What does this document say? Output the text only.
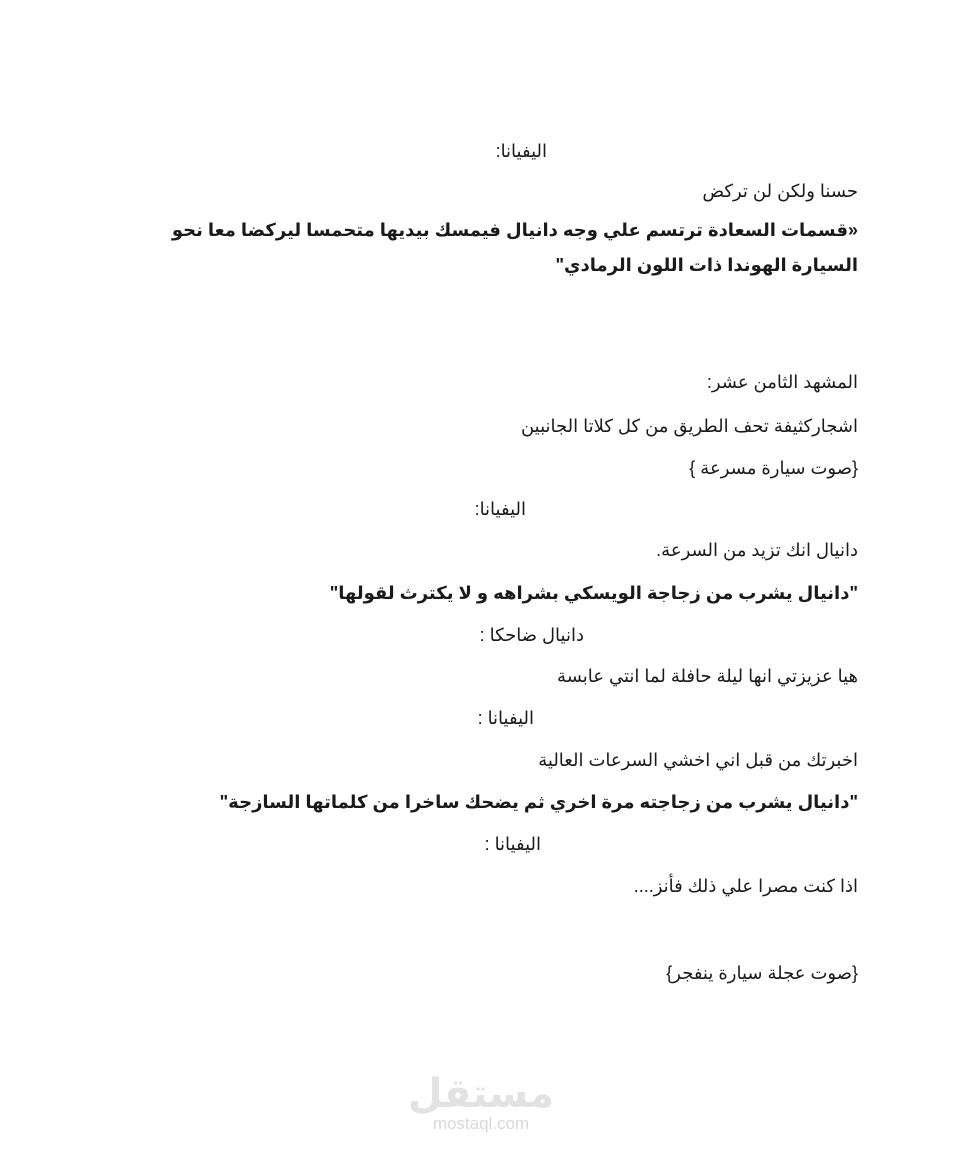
اليفيانا:
حسنا ولكن لن تركض
«قسمات السعادة ترتسم علي وجه دانيال فيمسك بيديها متحمسا ليركضا معا نحو السيارة الهوندا ذات اللون الرمادي"
المشهد الثامن عشر:
اشجاركثيفة تحف الطريق من كل كلاتا الجانبين
{صوت سيارة مسرعة }
اليفيانا:
دانيال انك تزيد من السرعة.
"دانيال يشرب من زجاجة الويسكي بشراهه و لا يكترث لقولها"
دانيال ضاحكا :
هيا عزيزتي انها ليلة حافلة لما انتي عابسة
اليفيانا :
اخبرتك من قبل اني اخشي السرعات العالية
"دانيال يشرب من زجاجته مرة اخري ثم يضحك ساخرا من كلماتها السازجة"
اليفيانا :
اذا كنت مصرا علي ذلك فأنز....
{صوت عجلة سيارة ينفجر}
مستقل
mostaql.com
